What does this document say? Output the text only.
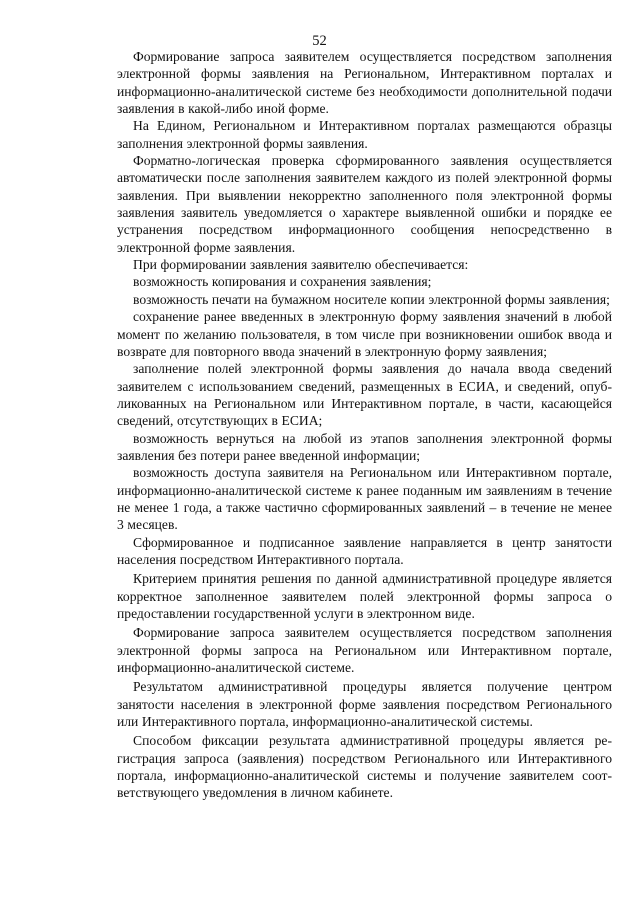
52

Формирование запроса заявителем осуществляется посредством заполнения электронной формы заявления на Региональном, Интерактивном порталах и информационно-аналитической системе без необходимости дополнительной подачи заявления в какой-либо иной форме.

На Едином, Региональном и Интерактивном порталах размещаются образцы заполнения электронной формы заявления.

Форматно-логическая проверка сформированного заявления осуществляется автоматически после заполнения заявителем каждого из полей электронной формы заявления. При выявлении некорректно заполненного поля электронной формы заявления заявитель уведомляется о характере выявленной ошибки и порядке ее устранения посредством информационного сообщения непосредственно в электронной форме заявления.

При формировании заявления заявителю обеспечивается:

возможность копирования и сохранения заявления;

возможность печати на бумажном носителе копии электронной формы заявления;

сохранение ранее введенных в электронную форму заявления значений в любой момент по желанию пользователя, в том числе при возникновении ошибок ввода и возврате для повторного ввода значений в электронную форму заявления;

заполнение полей электронной формы заявления до начала ввода сведений заявителем с использованием сведений, размещенных в ЕСИА, и сведений, опубликованных на Региональном или Интерактивном портале, в части, касающейся сведений, отсутствующих в ЕСИА;

возможность вернуться на любой из этапов заполнения электронной формы заявления без потери ранее введенной информации;

возможность доступа заявителя на Региональном или Интерактивном портале, информационно-аналитической системе к ранее поданным им заявлениям в течение не менее 1 года, а также частично сформированных заявлений – в течение не менее 3 месяцев.

Сформированное и подписанное заявление направляется в центр занятости населения посредством Интерактивного портала.

Критерием принятия решения по данной административной процедуре является корректное заполненное заявителем полей электронной формы запроса о предоставлении государственной услуги в электронном виде.

Формирование запроса заявителем осуществляется посредством заполнения электронной формы запроса на Региональном или Интерактивном портале, информационно-аналитической системе.

Результатом административной процедуры является получение центром занятости населения в электронной форме заявления посредством Регионального или Интерактивного портала, информационно-аналитической системы.

Способом фиксации результата административной процедуры является регистрация запроса (заявления) посредством Регионального или Интерактивного портала, информационно-аналитической системы и получение заявителем соответствующего уведомления в личном кабинете.
